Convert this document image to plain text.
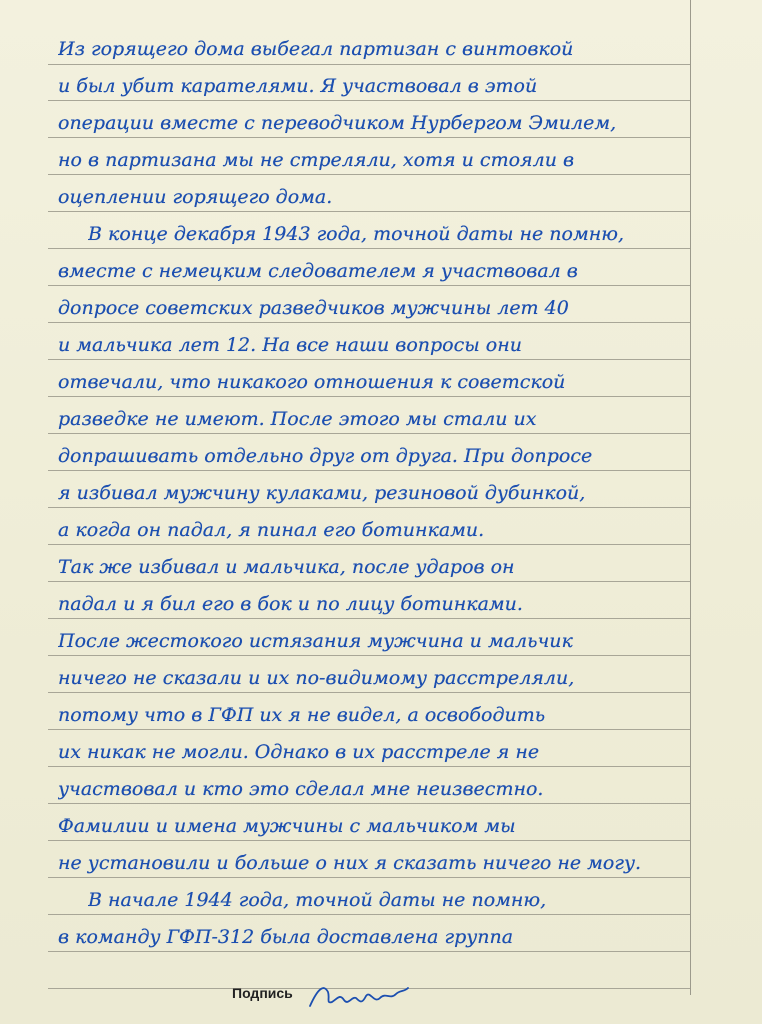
Из горящего дома выбегал партизан с винтовкой
и был убит карателями. Я участвовал в этой
операции вместе с переводчиком Нурбергом Эмилем,
но в партизана мы не стреляли, хотя и стояли в
оцеплении горящего дома.
В конце декабря 1943 года, точной даты не помню,
вместе с немецким следователем я участвовал в
допросе советских разведчиков мужчины лет 40
и мальчика лет 12. На все наши вопросы они
отвечали, что никакого отношения к советской
разведке не имеют. После этого мы стали их
допрашивать отдельно друг от друга. При допросе
я избивал мужчину кулаками, резиновой дубинкой,
а когда он падал, я пинал его ботинками.
Так же избивал и мальчика, после ударов он
падал и я бил его в бок и по лицу ботинками.
После жестокого истязания мужчина и мальчик
ничего не сказали и их по-видимому расстреляли,
потому что в ГФП их я не видел, а освободить
их никак не могли. Однако в их расстреле я не
участвовал и кто это сделал мне неизвестно.
Фамилии и имена мужчины с мальчиком мы
не установили и больше о них я сказать ничего не могу.
В начале 1944 года, точной даты не помню,
в команду ГФП-312 была доставлена группа
Подпись
